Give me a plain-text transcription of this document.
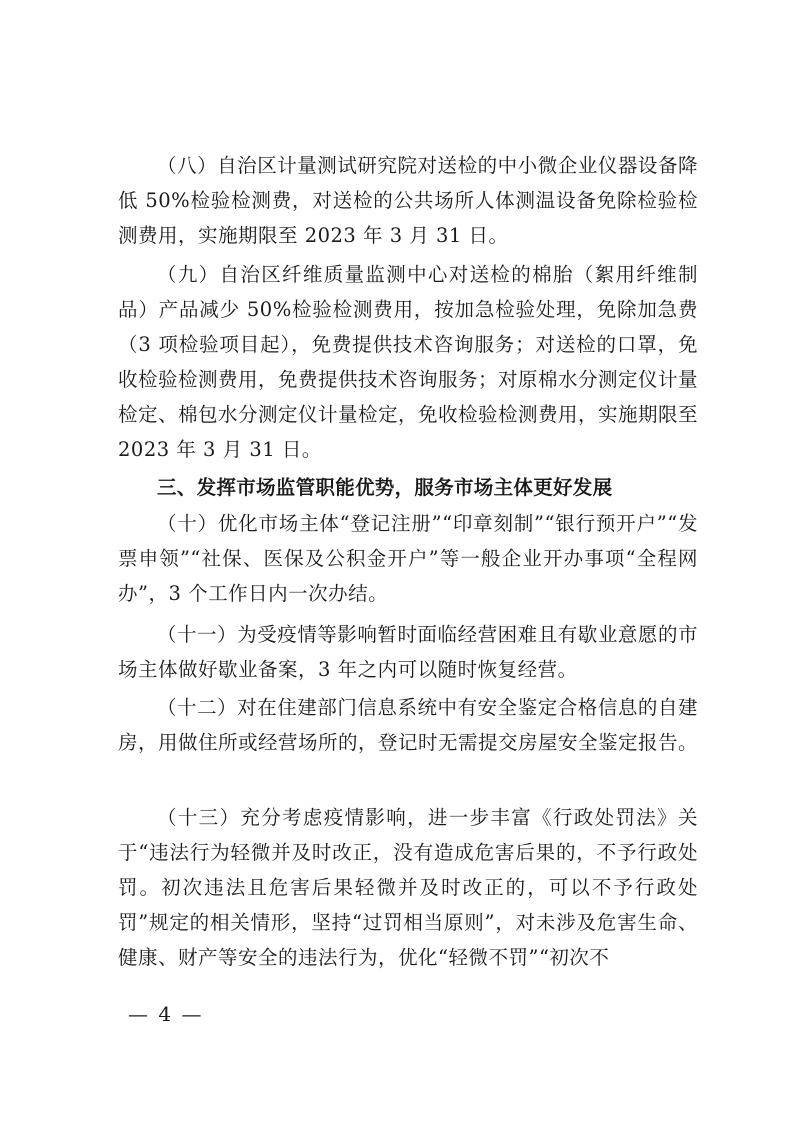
（八）自治区计量测试研究院对送检的中小微企业仪器设备降低 50%检验检测费，对送检的公共场所人体测温设备免除检验检测费用，实施期限至 2023 年 3 月 31 日。

（九）自治区纤维质量监测中心对送检的棉胎（絮用纤维制品）产品减少 50%检验检测费用，按加急检验处理，免除加急费（3 项检验项目起），免费提供技术咨询服务；对送检的口罩，免收检验检测费用，免费提供技术咨询服务；对原棉水分测定仪计量检定、棉包水分测定仪计量检定，免收检验检测费用，实施期限至 2023 年 3 月 31 日。

三、发挥市场监管职能优势，服务市场主体更好发展

（十）优化市场主体“登记注册”“印章刻制”“银行预开户”“发票申领”“社保、医保及公积金开户”等一般企业开办事项“全程网办”，3 个工作日内一次办结。

（十一）为受疫情等影响暂时面临经营困难且有歇业意愿的市场主体做好歇业备案，3 年之内可以随时恢复经营。

（十二）对在住建部门信息系统中有安全鉴定合格信息的自建房，用做住所或经营场所的，登记时无需提交房屋安全鉴定报告。

（十三）充分考虑疫情影响，进一步丰富《行政处罚法》关于“违法行为轻微并及时改正，没有造成危害后果的，不予行政处罚。初次违法且危害后果轻微并及时改正的，可以不予行政处罚”规定的相关情形，坚持“过罚相当原则”，对未涉及危害生命、健康、财产等安全的违法行为，优化“轻微不罚”“初次不

— 4 —
